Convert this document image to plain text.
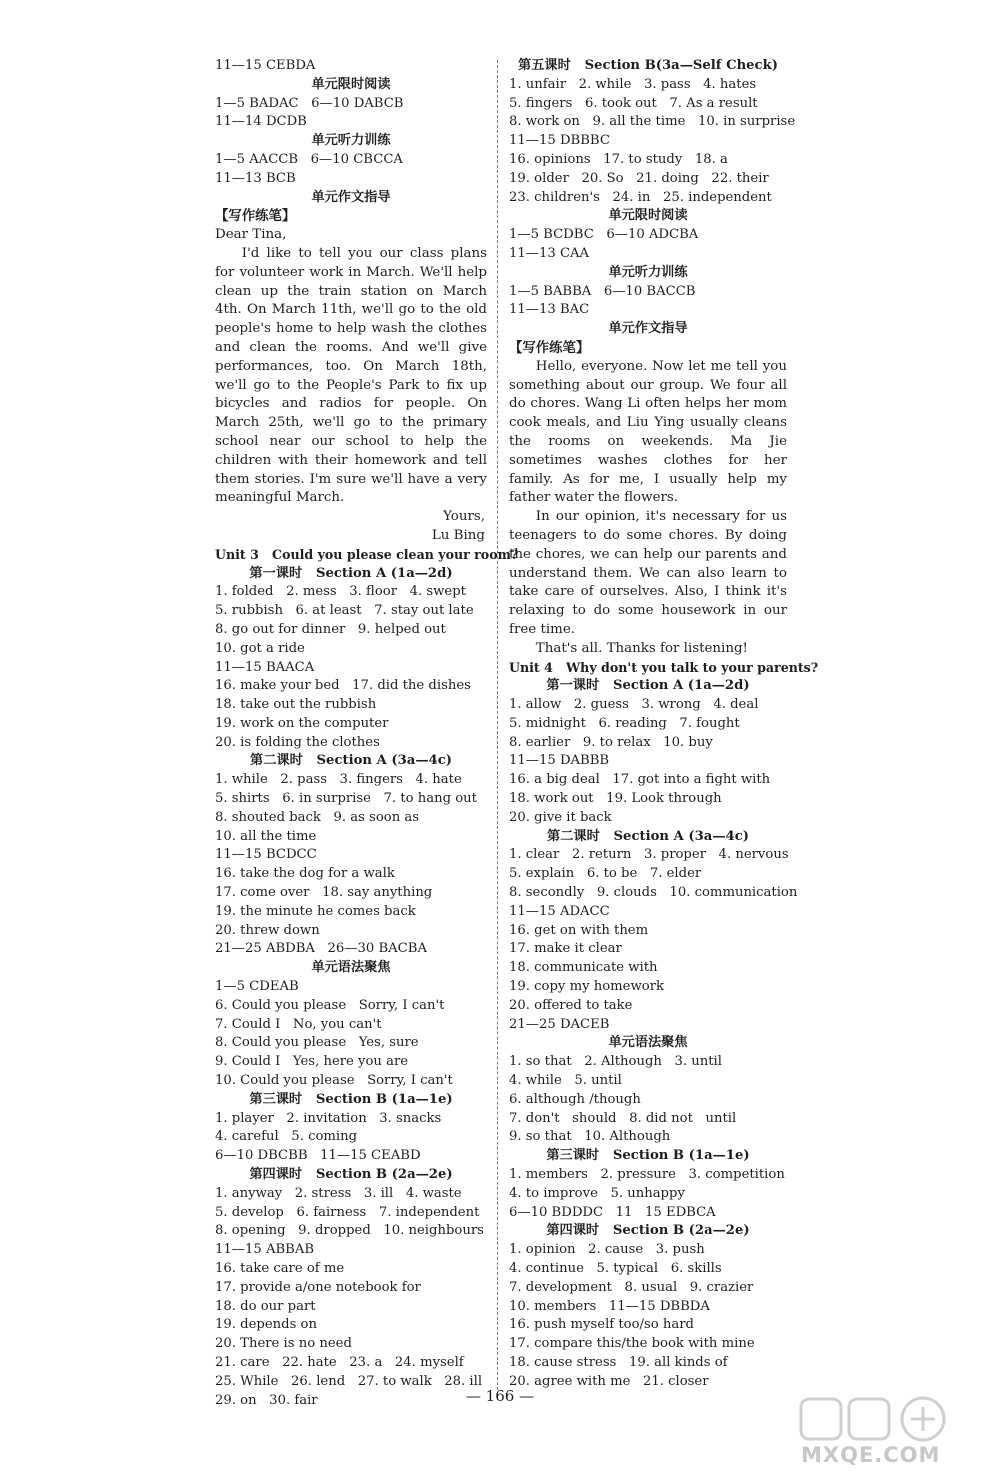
11—15 CEBDA
单元限时阅读
1—5 BADAC   6—10 DABCB
11—14 DCDB
单元听力训练
1—5 AACCB   6—10 CBCCA
11—13 BCB
单元作文指导
【写作练笔】
Dear Tina,
I'd like to tell you our class plans for volunteer work in March. We'll help clean up the train station on March 4th. On March 11th, we'll go to the old people's home to help wash the clothes and clean the rooms. And we'll give performances, too. On March 18th, we'll go to the People's Park to fix up bicycles and radios for people. On March 25th, we'll go to the primary school near our school to help the children with their homework and tell them stories. I'm sure we'll have a very meaningful March.
Yours,
Lu Bing
Unit 3   Could you please clean your room?
第一课时   Section A (1a—2d)
1. folded   2. mess   3. floor   4. swept
5. rubbish   6. at least   7. stay out late
8. go out for dinner   9. helped out
10. got a ride
11—15 BAACA
16. make your bed   17. did the dishes
18. take out the rubbish
19. work on the computer
20. is folding the clothes
第二课时   Section A (3a—4c)
1. while   2. pass   3. fingers   4. hate
5. shirts   6. in surprise   7. to hang out
8. shouted back   9. as soon as
10. all the time
11—15 BCDCC
16. take the dog for a walk
17. come over   18. say anything
19. the minute he comes back
20. threw down
21—25 ABDBA   26—30 BACBA
单元语法聚焦
1—5 CDEAB
6. Could you please   Sorry, I can't
7. Could I   No, you can't
8. Could you please   Yes, sure
9. Could I   Yes, here you are
10. Could you please   Sorry, I can't
第三课时   Section B (1a—1e)
1. player   2. invitation   3. snacks
4. careful   5. coming
6—10 DBCBB   11—15 CEABD
第四课时   Section B (2a—2e)
1. anyway   2. stress   3. ill   4. waste
5. develop   6. fairness   7. independent
8. opening   9. dropped   10. neighbours
11—15 ABBAB
16. take care of me
17. provide a/one notebook for
18. do our part
19. depends on
20. There is no need
21. care   22. hate   23. a   24. myself
25. While   26. lend   27. to walk   28. ill
29. on   30. fair
第五课时   Section B(3a—Self Check)
1. unfair   2. while   3. pass   4. hates
5. fingers   6. took out   7. As a result
8. work on   9. all the time   10. in surprise
11—15 DBBBC
16. opinions   17. to study   18. a
19. older   20. So   21. doing   22. their
23. children's   24. in   25. independent
单元限时阅读
1—5 BCDBC   6—10 ADCBA
11—13 CAA
单元听力训练
1—5 BABBA   6—10 BACCB
11—13 BAC
单元作文指导
【写作练笔】
Hello, everyone. Now let me tell you something about our group. We four all do chores. Wang Li often helps her mom cook meals, and Liu Ying usually cleans the rooms on weekends. Ma Jie sometimes washes clothes for her family. As for me, I usually help my father water the flowers.
In our opinion, it's necessary for us teenagers to do some chores. By doing the chores, we can help our parents and understand them. We can also learn to take care of ourselves. Also, I think it's relaxing to do some housework in our free time.
That's all. Thanks for listening!
Unit 4   Why don't you talk to your parents?
第一课时   Section A (1a—2d)
1. allow   2. guess   3. wrong   4. deal
5. midnight   6. reading   7. fought
8. earlier   9. to relax   10. buy
11—15 DABBB
16. a big deal   17. got into a fight with
18. work out   19. Look through
20. give it back
第二课时   Section A (3a—4c)
1. clear   2. return   3. proper   4. nervous
5. explain   6. to be   7. elder
8. secondly   9. clouds   10. communication
11—15 ADACC
16. get on with them
17. make it clear
18. communicate with
19. copy my homework
20. offered to take
21—25 DACEB
单元语法聚焦
1. so that   2. Although   3. until
4. while   5. until
6. although /though
7. don't   should   8. did not   until
9. so that   10. Although
第三课时   Section B (1a—1e)
1. members   2. pressure   3. competition
4. to improve   5. unhappy
6—10 BDDDC   11   15 EDBCA
第四课时   Section B (2a—2e)
1. opinion   2. cause   3. push
4. continue   5. typical   6. skills
7. development   8. usual   9. crazier
10. members   11—15 DBBDA
16. push myself too/so hard
17. compare this/the book with mine
18. cause stress   19. all kinds of
20. agree with me   21. closer
— 166 —
MXQE.COM
